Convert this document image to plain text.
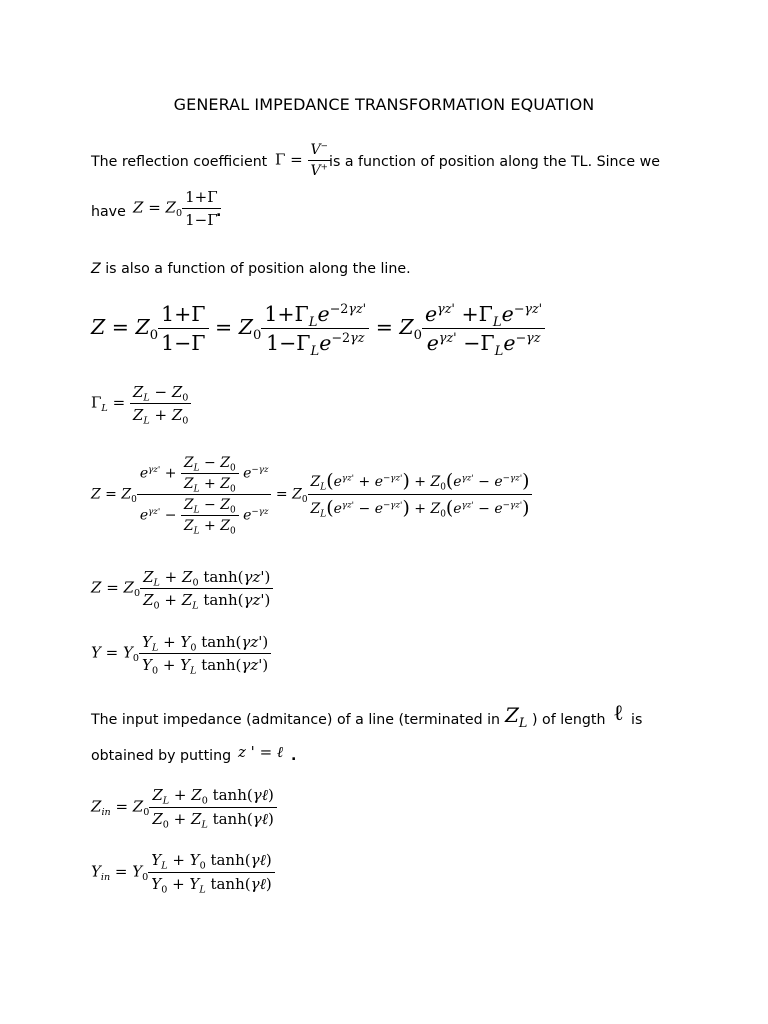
GENERAL IMPEDANCE TRANSFORMATION EQUATION
The reflection coefficient $\Gamma = \frac{V^-}{V^+}$
is a function of position along the TL. Since we
have $Z = Z_0 \frac{1+\Gamma}{1-\Gamma}$
.
Z is also a function of position along the line.
$Z = Z_0 \frac{1+\Gamma}{1-\Gamma} = Z_0 \frac{1+\Gamma_Le^{-2\gamma z'}}{1-\Gamma_Le^{-2\gamma z}} = Z_0 \frac{e^{\gamma z'} +\Gamma_Le^{-\gamma z'}}{e^{\gamma z'} -\Gamma_Le^{-\gamma z}}$
$\Gamma_L = \frac{Z_L - Z_0}{Z_L + Z_0}$
$Z = Z_0 \frac{e^{\gamma z'} + \frac{Z_L - Z_0}{Z_L + Z_0} e^{-\gamma z}}{e^{\gamma z'} - \frac{Z_L - Z_0}{Z_L + Z_0} e^{-\gamma z}} = Z_0 \frac{Z_L(e^{\gamma z'} + e^{-\gamma z'}) + Z_0(e^{\gamma z'} - e^{-\gamma z'})}{Z_L(e^{\gamma z'} - e^{-\gamma z'}) + Z_0(e^{\gamma z'} - e^{-\gamma z'})}$
$Z = Z_0 \frac{Z_L + Z_0 \tanh(\gamma z')}{Z_0 + Z_L \tanh(\gamma z')}$
$Y = Y_0 \frac{Y_L + Y_0 \tanh(\gamma z')}{Y_0 + Y_L \tanh(\gamma z')}$
The input impedance (admitance) of a line (terminated in $Z_L$ ) of length ℓ is
obtained by putting z ' = ℓ .
$Z_{in} = Z_0 \frac{Z_L + Z_0 \tanh(\gamma\ell)}{Z_0 + Z_L \tanh(\gamma\ell)}$
$Y_{in} = Y_0 \frac{Y_L + Y_0 \tanh(\gamma\ell)}{Y_0 + Y_L \tanh(\gamma\ell)}$
